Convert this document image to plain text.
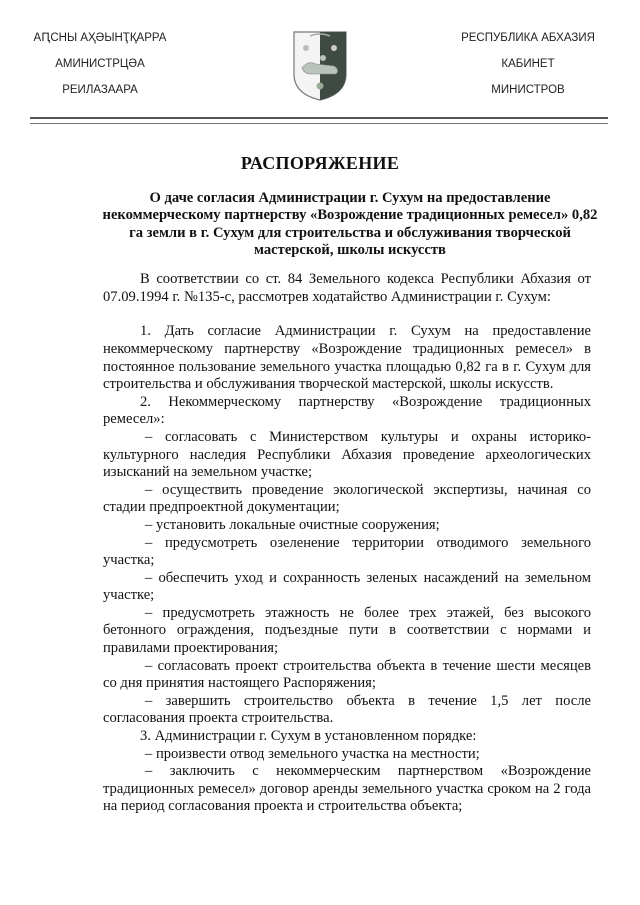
АԤСНЫ АҲӘЫНҬҚАРРА
АМИНИСТРЦӘА
РЕИЛАЗААРА
РЕСПУБЛИКА АБХАЗИЯ
КАБИНЕТ
МИНИСТРОВ
РАСПОРЯЖЕНИЕ
О даче согласия Администрации г. Сухум на предоставление некоммерческому партнерству «Возрождение традиционных ремесел» 0,82 га земли в г. Сухум для строительства и обслуживания творческой мастерской, школы искусств

В соответствии со ст. 84 Земельного кодекса Республики Абхазия от 07.09.1994 г. №135-с, рассмотрев ходатайство Администрации г. Сухум:

1. Дать согласие Администрации г. Сухум на предоставление некоммерческому партнерству «Возрождение традиционных ремесел» в постоянное пользование земельного участка площадью 0,82 га в г. Сухум для строительства и обслуживания творческой мастерской, школы искусств.

2. Некоммерческому партнерству «Возрождение традиционных ремесел»:

– согласовать с Министерством культуры и охраны историко-культурного наследия Республики Абхазия проведение археологических изысканий на земельном участке;

– осуществить проведение экологической экспертизы, начиная со стадии предпроектной документации;

– установить локальные очистные сооружения;

– предусмотреть озеленение территории отводимого земельного участка;

– обеспечить уход и сохранность зеленых насаждений на земельном участке;

– предусмотреть этажность не более трех этажей, без высокого бетонного ограждения, подъездные пути в соответствии с нормами и правилами проектирования;

– согласовать проект строительства объекта в течение шести месяцев со дня принятия настоящего Распоряжения;

– завершить строительство объекта в течение 1,5 лет после согласования проекта строительства.

3. Администрации г. Сухум в установленном порядке:

– произвести отвод земельного участка на местности;

– заключить с некоммерческим партнерством «Возрождение традиционных ремесел» договор аренды земельного участка сроком на 2 года на период согласования проекта и строительства объекта;
